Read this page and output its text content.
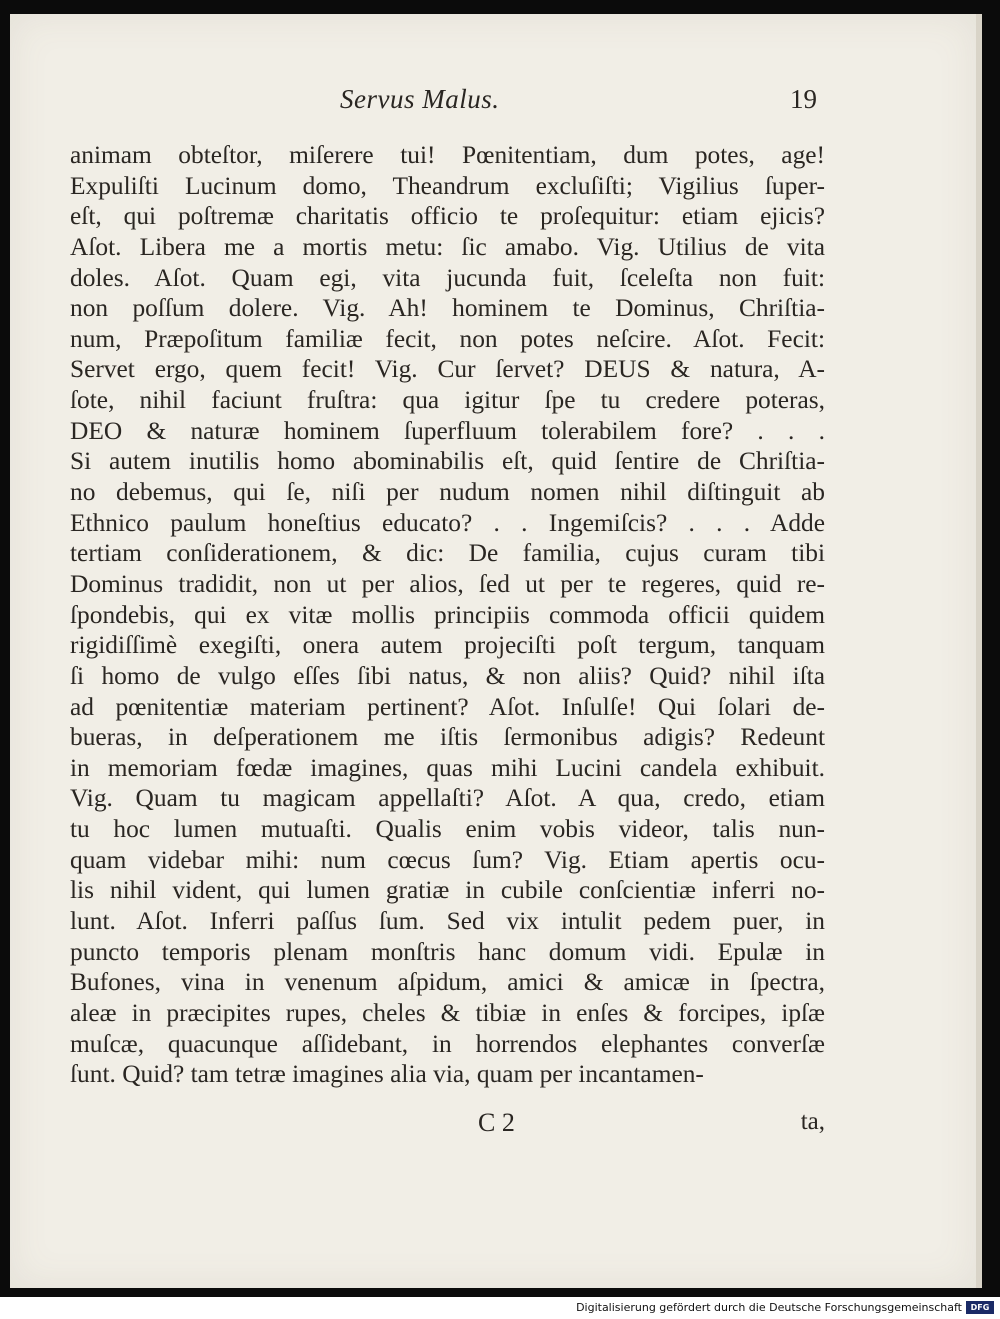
Servus Malus.	19
animam obteſtor, miſerere tui! Pœnitentiam, dum potes, age!
Expuliſti Lucinum domo, Theandrum excluſiſti; Vigilius ſuper-
eſt, qui poſtremæ charitatis officio te proſequitur: etiam ejicis?
Aſot. Libera me a mortis metu: ſic amabo. Vig. Utilius de vita
doles. Aſot. Quam egi, vita jucunda fuit, ſceleſta non fuit:
non poſſum dolere. Vig. Ah! hominem te Dominus, Chriſtia-
num, Præpoſitum familiæ fecit, non potes neſcire. Aſot. Fecit:
Servet ergo, quem fecit! Vig. Cur ſervet? DEUS & natura, A-
ſote, nihil faciunt fruſtra: qua igitur ſpe tu credere poteras,
DEO & naturæ hominem ſuperfluum tolerabilem fore? . . .
Si autem inutilis homo abominabilis eſt, quid ſentire de Chriſtia-
no debemus, qui ſe, niſi per nudum nomen nihil diſtinguit ab
Ethnico paulum honeſtius educato? . . Ingemiſcis? . . . Adde
tertiam conſiderationem, & dic: De familia, cujus curam tibi
Dominus tradidit, non ut per alios, ſed ut per te regeres, quid re-
ſpondebis, qui ex vitæ mollis principiis commoda officii quidem
rigidiſſimè exegiſti, onera autem projeciſti poſt tergum, tanquam
ſi homo de vulgo eſſes ſibi natus, & non aliis? Quid? nihil iſta
ad pœnitentiæ materiam pertinent? Aſot. Inſulſe! Qui ſolari de-
bueras, in deſperationem me iſtis ſermonibus adigis? Redeunt
in memoriam fœdæ imagines, quas mihi Lucini candela exhibuit.
Vig. Quam tu magicam appellaſti? Aſot. A qua, credo, etiam
tu hoc lumen mutuaſti. Qualis enim vobis videor, talis nun-
quam videbar mihi: num cœcus ſum? Vig. Etiam apertis ocu-
lis nihil vident, qui lumen gratiæ in cubile conſcientiæ inferri no-
lunt. Aſot. Inferri paſſus ſum. Sed vix intulit pedem puer, in
puncto temporis plenam monſtris hanc domum vidi. Epulæ in
Bufones, vina in venenum aſpidum, amici & amicæ in ſpectra,
aleæ in præcipites rupes, cheles & tibiæ in enſes & forcipes, ipſæ
muſcæ, quacunque aſſidebant, in horrendos elephantes converſæ
ſunt. Quid? tam tetræ imagines alia via, quam per incantamen-
C 2	ta,
Digitalisierung gefördert durch die Deutsche Forschungsgemeinschaft	DFG
